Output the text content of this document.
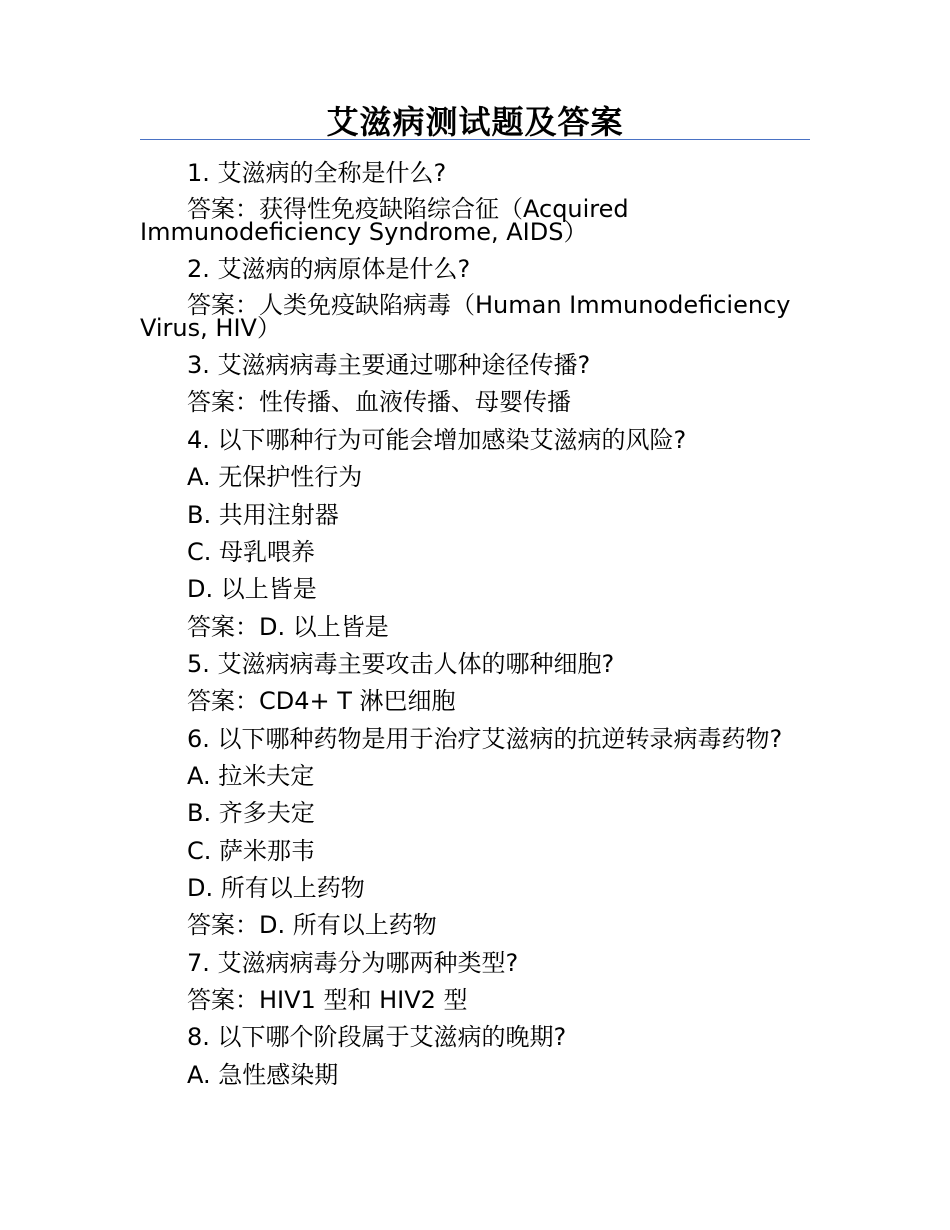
艾滋病测试题及答案
1. 艾滋病的全称是什么?
答案：获得性免疫缺陷综合征（Acquired Immunodeficiency Syndrome, AIDS）
2. 艾滋病的病原体是什么?
答案：人类免疫缺陷病毒（Human Immunodeficiency Virus, HIV）
3. 艾滋病病毒主要通过哪种途径传播?
答案：性传播、血液传播、母婴传播
4. 以下哪种行为可能会增加感染艾滋病的风险?
A. 无保护性行为
B. 共用注射器
C. 母乳喂养
D. 以上皆是
答案：D. 以上皆是
5. 艾滋病病毒主要攻击人体的哪种细胞?
答案：CD4+ T 淋巴细胞
6. 以下哪种药物是用于治疗艾滋病的抗逆转录病毒药物?
A. 拉米夫定
B. 齐多夫定
C. 萨米那韦
D. 所有以上药物
答案：D. 所有以上药物
7. 艾滋病病毒分为哪两种类型?
答案：HIV1 型和 HIV2 型
8. 以下哪个阶段属于艾滋病的晚期?
A. 急性感染期
